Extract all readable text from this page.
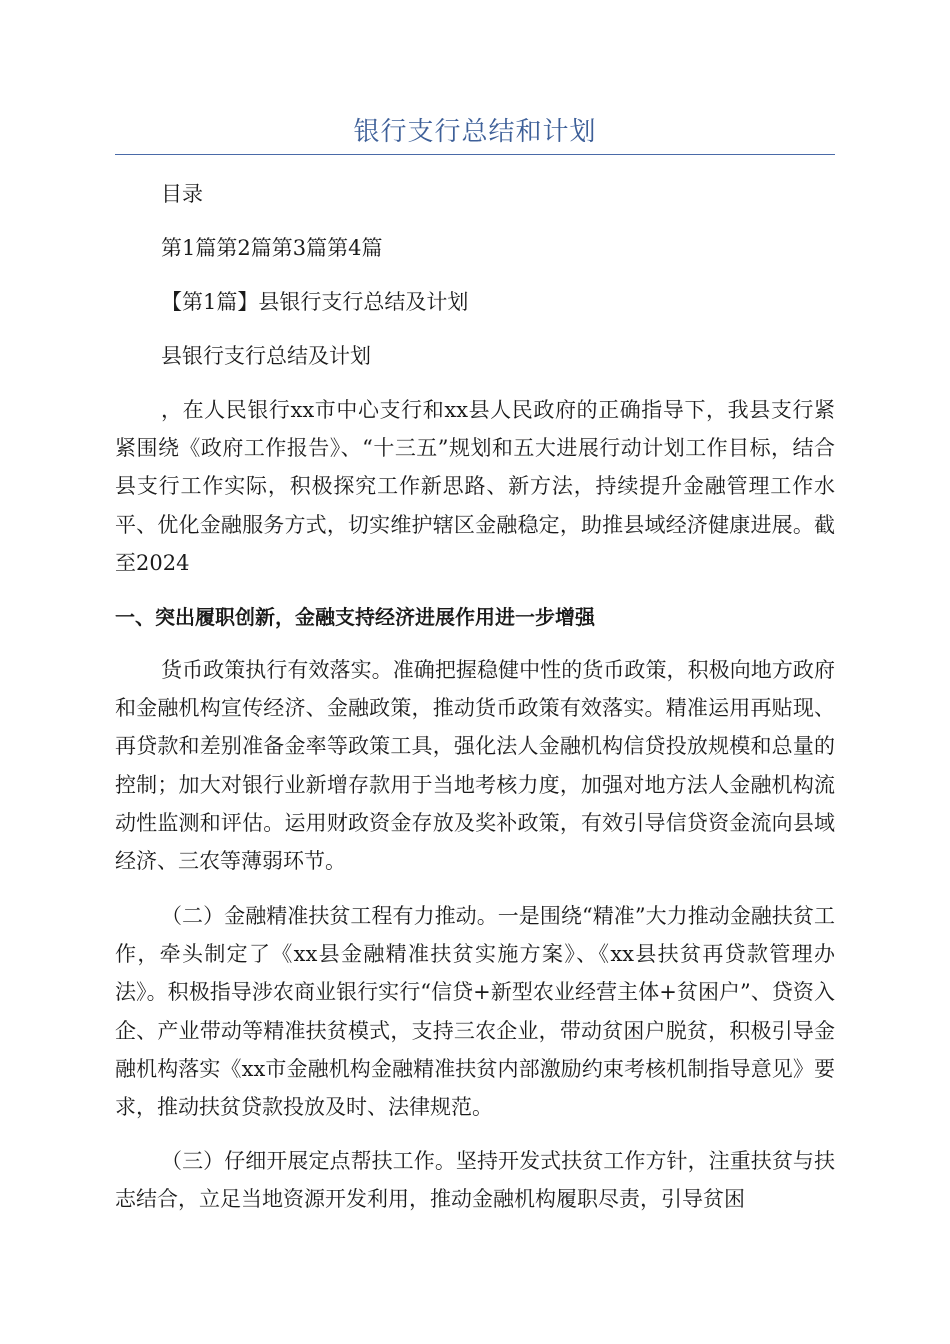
银行支行总结和计划
目录
第1篇第2篇第3篇第4篇
【第1篇】县银行支行总结及计划
县银行支行总结及计划

，在人民银行xx市中心支行和xx县人民政府的正确指导下，我县支行紧紧围绕《政府工作报告》、“十三五”规划和五大进展行动计划工作目标，结合县支行工作实际，积极探究工作新思路、新方法，持续提升金融管理工作水平、优化金融服务方式，切实维护辖区金融稳定，助推县域经济健康进展。截至2024

一、突出履职创新，金融支持经济进展作用进一步增强

货币政策执行有效落实。准确把握稳健中性的货币政策，积极向地方政府和金融机构宣传经济、金融政策，推动货币政策有效落实。精准运用再贴现、再贷款和差别准备金率等政策工具，强化法人金融机构信贷投放规模和总量的控制；加大对银行业新增存款用于当地考核力度，加强对地方法人金融机构流动性监测和评估。运用财政资金存放及奖补政策，有效引导信贷资金流向县域经济、三农等薄弱环节。

（二）金融精准扶贫工程有力推动。一是围绕“精准”大力推动金融扶贫工作，牵头制定了《xx县金融精准扶贫实施方案》、《xx县扶贫再贷款管理办法》。积极指导涉农商业银行实行“信贷+新型农业经营主体+贫困户”、贷资入企、产业带动等精准扶贫模式，支持三农企业，带动贫困户脱贫，积极引导金融机构落实《xx市金融机构金融精准扶贫内部激励约束考核机制指导意见》要求，推动扶贫贷款投放及时、法律规范。

（三）仔细开展定点帮扶工作。坚持开发式扶贫工作方针，注重扶贫与扶志结合，立足当地资源开发利用，推动金融机构履职尽责，引导贫困
